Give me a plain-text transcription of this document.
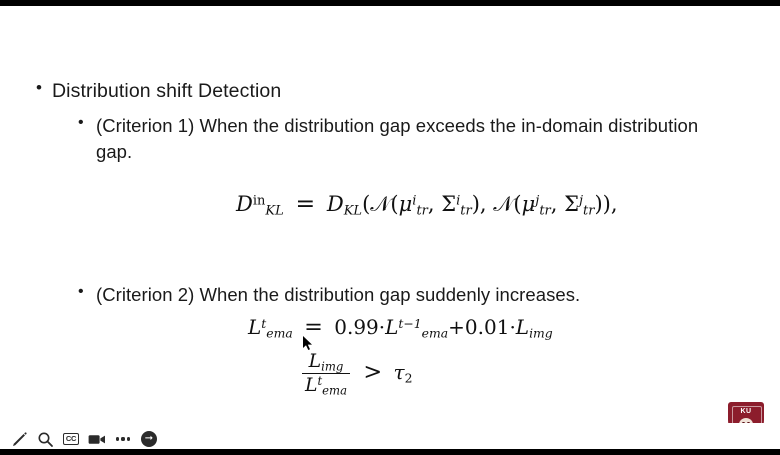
• Distribution shift Detection
• (Criterion 1) When the distribution gap exceeds the in-domain distribution gap.
• (Criterion 2) When the distribution gap suddenly increases.
$D^{in}_{KL}$ = $D_{KL}(𝒩(\mu^i_{tr}$, $\Sigma^i_{tr}$), $𝒩(\mu^j_{tr}$, $\Sigma^j_{tr}$)),
$L^t_{ema} = 0.99\cdot L^{t-1}_{ema}+0.01\cdot L_{img}$
$\frac{L_{img}}{L^t_{ema}} > \tau_2$
KU
CC	➞
